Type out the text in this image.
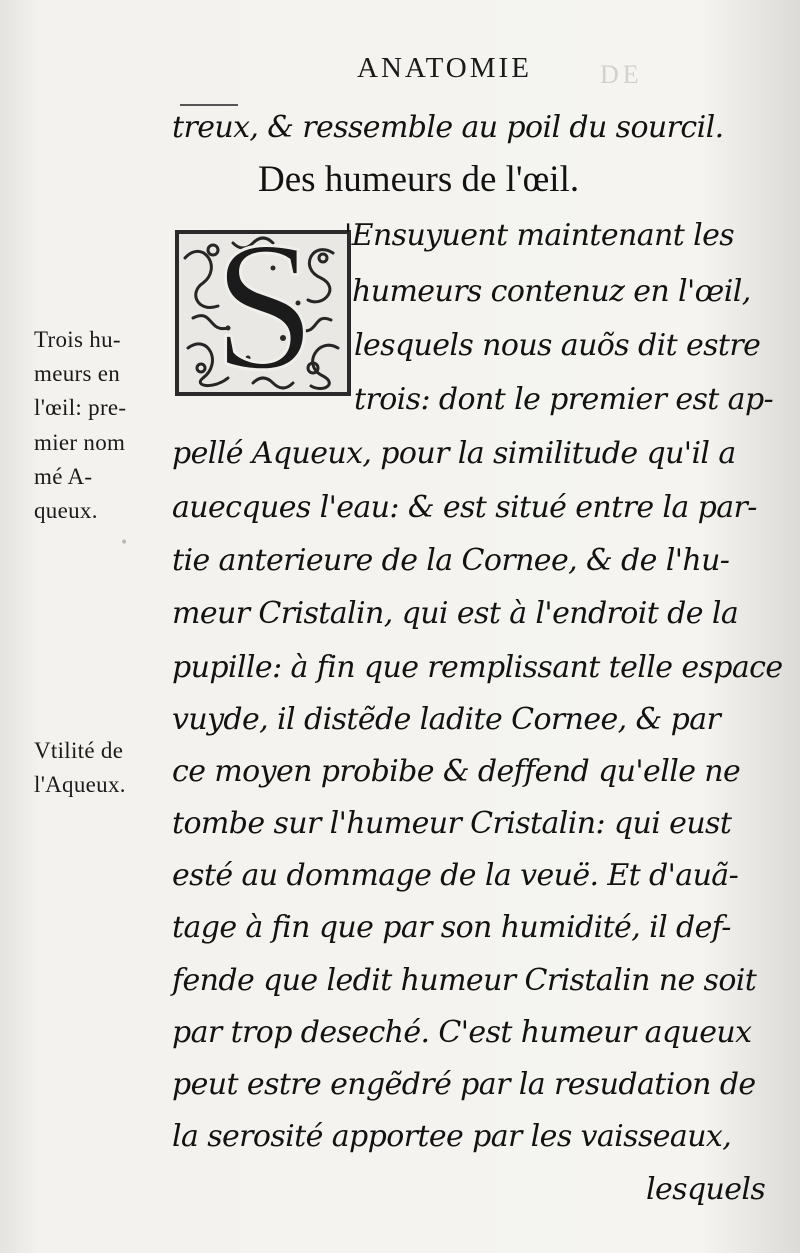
DE
•
ANATOMIE
treux, & ressemble au poil du sourcil.
Des humeurs de l'œil.
S 'Ensuyuent maintenant les
humeurs contenuz en l'œil,
lesquels nous auõs dit estre
trois: dont le premier est ap-
pellé Aqueux, pour la similitude qu'il a
auecques l'eau: & est situé entre la par-
tie anterieure de la Cornee, & de l'hu-
meur Cristalin, qui est à l'endroit de la
pupille: à fin que remplissant telle espace
vuyde, il distẽde ladite Cornee, & par
ce moyen probibe & deffend qu'elle ne
tombe sur l'humeur Cristalin: qui eust
esté au dommage de la veuë. Et d'auã-
tage à fin que par son humidité, il def-
fende que ledit humeur Cristalin ne soit
par trop deseché. C'est humeur aqueux
peut estre engẽdré par la resudation de
la serosité apportee par les vaisseaux,
lesquels
Trois hu-
meurs en
l'œil: pre-
mier nom
mé A-
queux.
Vtilité de
l'Aqueux.
